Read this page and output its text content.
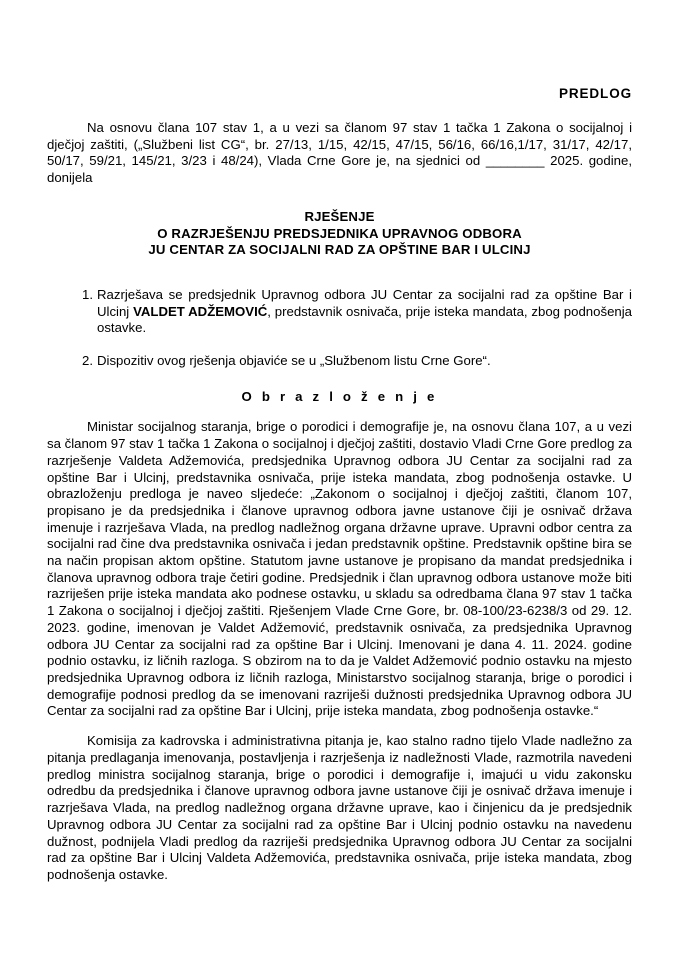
PREDLOG

Na osnovu člana 107 stav 1, a u vezi sa članom 97 stav 1 tačka 1 Zakona o socijalnoj i dječjoj zaštiti, („Službeni list CG“, br. 27/13, 1/15, 42/15, 47/15, 56/16, 66/16,1/17, 31/17, 42/17, 50/17, 59/21, 145/21, 3/23 i 48/24), Vlada Crne Gore je, na sjednici od ________ 2025. godine, donijela

RJEŠENJE
O RAZRJEŠENJU PREDSJEDNIKA UPRAVNOG ODBORA
JU CENTAR ZA SOCIJALNI RAD ZA OPŠTINE BAR I ULCINJ
1. Razrješava se predsjednik Upravnog odbora JU Centar za socijalni rad za opštine Bar i Ulcinj VALDET ADŽEMOVIĆ, predstavnik osnivača, prije isteka mandata, zbog podnošenja ostavke.
2. Dispozitiv ovog rješenja objaviće se u „Službenom listu Crne Gore“.
O b r a z l o ž e n j e

Ministar socijalnog staranja, brige o porodici i demografije je, na osnovu člana 107, a u vezi sa članom 97 stav 1 tačka 1 Zakona o socijalnoj i dječjoj zaštiti, dostavio Vladi Crne Gore predlog za razrješenje Valdeta Adžemovića, predsjednika Upravnog odbora JU Centar za socijalni rad za opštine Bar i Ulcinj, predstavnika osnivača, prije isteka mandata, zbog podnošenja ostavke. U obrazloženju predloga je naveo sljedeće: „Zakonom o socijalnoj i dječjoj zaštiti, članom 107, propisano je da predsjednika i članove upravnog odbora javne ustanove čiji je osnivač država imenuje i razrješava Vlada, na predlog nadležnog organa državne uprave. Upravni odbor centra za socijalni rad čine dva predstavnika osnivača i jedan predstavnik opštine. Predstavnik opštine bira se na način propisan aktom opštine. Statutom javne ustanove je propisano da mandat predsjednika i članova upravnog odbora traje četiri godine. Predsjednik i član upravnog odbora ustanove može biti razriješen prije isteka mandata ako podnese ostavku, u skladu sa odredbama člana 97 stav 1 tačka 1 Zakona o socijalnoj i dječjoj zaštiti. Rješenjem Vlade Crne Gore, br. 08-100/23-6238/3 od 29. 12. 2023. godine, imenovan je Valdet Adžemović, predstavnik osnivača, za predsjednika Upravnog odbora JU Centar za socijalni rad za opštine Bar i Ulcinj. Imenovani je dana 4. 11. 2024. godine podnio ostavku, iz ličnih razloga. S obzirom na to da je Valdet Adžemović podnio ostavku na mjesto predsjednika Upravnog odbora iz ličnih razloga, Ministarstvo socijalnog staranja, brige o porodici i demografije podnosi predlog da se imenovani razriješi dužnosti predsjednika Upravnog odbora JU Centar za socijalni rad za opštine Bar i Ulcinj, prije isteka mandata, zbog podnošenja ostavke.“

Komisija za kadrovska i administrativna pitanja je, kao stalno radno tijelo Vlade nadležno za pitanja predlaganja imenovanja, postavljenja i razrješenja iz nadležnosti Vlade, razmotrila navedeni predlog ministra socijalnog staranja, brige o porodici i demografije i, imajući u vidu zakonsku odredbu da predsjednika i članove upravnog odbora javne ustanove čiji je osnivač država imenuje i razrješava Vlada, na predlog nadležnog organa državne uprave, kao i činjenicu da je predsjednik Upravnog odbora JU Centar za socijalni rad za opštine Bar i Ulcinj podnio ostavku na navedenu dužnost, podnijela Vladi predlog da razriješi predsjednika Upravnog odbora JU Centar za socijalni rad za opštine Bar i Ulcinj Valdeta Adžemovića, predstavnika osnivača, prije isteka mandata, zbog podnošenja ostavke.
